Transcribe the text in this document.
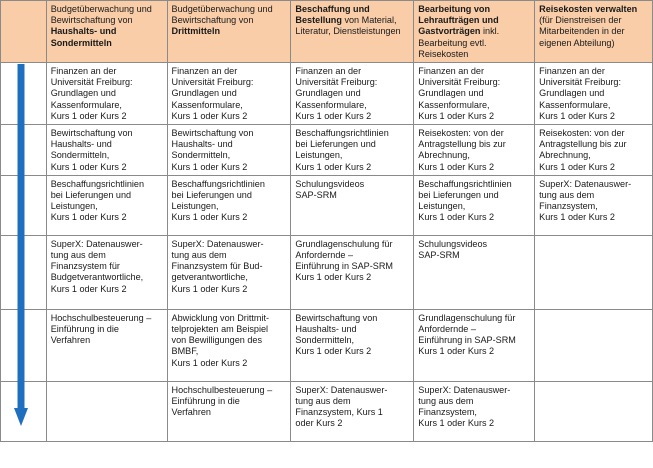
	Budgetüberwachung und Bewirtschaftung von Haushalts- und Sondermitteln	Budgetüberwachung und Bewirtschaftung von Drittmitteln	Beschaffung und Bestellung von Material, Literatur, Dienstleistungen	Bearbeitung von Lehraufträgen und Gastvorträgen inkl. Bearbeitung evtl. Reisekosten	Reisekosten verwalten (für Dienstreisen der Mitarbeitenden in der eigenen Abteilung)

	Finanzen an der
Universität Freiburg:
Grundlagen und
Kassenformulare,
Kurs 1 oder Kurs 2	Finanzen an der
Universität Freiburg:
Grundlagen und
Kassenformulare,
Kurs 1 oder Kurs 2	Finanzen an der
Universität Freiburg:
Grundlagen und
Kassenformulare,
Kurs 1 oder Kurs 2	Finanzen an der
Universität Freiburg:
Grundlagen und
Kassenformulare,
Kurs 1 oder Kurs 2	Finanzen an der
Universität Freiburg:
Grundlagen und
Kassenformulare,
Kurs 1 oder Kurs 2

	Bewirtschaftung von
Haushalts- und
Sondermitteln,
Kurs 1 oder Kurs 2	Bewirtschaftung von
Haushalts- und
Sondermitteln,
Kurs 1 oder Kurs 2	Beschaffungsrichtlinien
bei Lieferungen und
Leistungen,
Kurs 1 oder Kurs 2	Reisekosten: von der
Antragstellung bis zur
Abrechnung,
Kurs 1 oder Kurs 2	Reisekosten: von der
Antragstellung bis zur
Abrechnung,
Kurs 1 oder Kurs 2

	Beschaffungsrichtlinien
bei Lieferungen und
Leistungen,
Kurs 1 oder Kurs 2	Beschaffungsrichtlinien
bei Lieferungen und
Leistungen,
Kurs 1 oder Kurs 2	Schulungsvideos
SAP-SRM	Beschaffungsrichtlinien
bei Lieferungen und
Leistungen,
Kurs 1 oder Kurs 2	SuperX: Datenauswer-
tung aus dem
Finanzsystem,
Kurs 1 oder Kurs 2

	SuperX: Datenauswer-
tung aus dem
Finanzsystem für
Budgetverantwortliche,
Kurs 1 oder Kurs 2	SuperX: Datenauswer-
tung aus dem
Finanzsystem für Bud-
getverantwortliche,
Kurs 1 oder Kurs 2	Grundlagenschulung für
Anfordernde –
Einführung in SAP-SRM
Kurs 1 oder Kurs 2	Schulungsvideos
SAP-SRM	

	Hochschulbesteuerung –
Einführung in die
Verfahren	Abwicklung von Drittmit-
telprojekten am Beispiel
von Bewilligungen des
BMBF,
Kurs 1 oder Kurs 2	Bewirtschaftung von
Haushalts- und
Sondermitteln,
Kurs 1 oder Kurs 2	Grundlagenschulung für
Anfordernde –
Einführung in SAP-SRM
Kurs 1 oder Kurs 2	

		Hochschulbesteuerung –
Einführung in die
Verfahren	SuperX: Datenauswer-
tung aus dem
Finanzsystem, Kurs 1
oder Kurs 2	SuperX: Datenauswer-
tung aus dem
Finanzsystem,
Kurs 1 oder Kurs 2	
